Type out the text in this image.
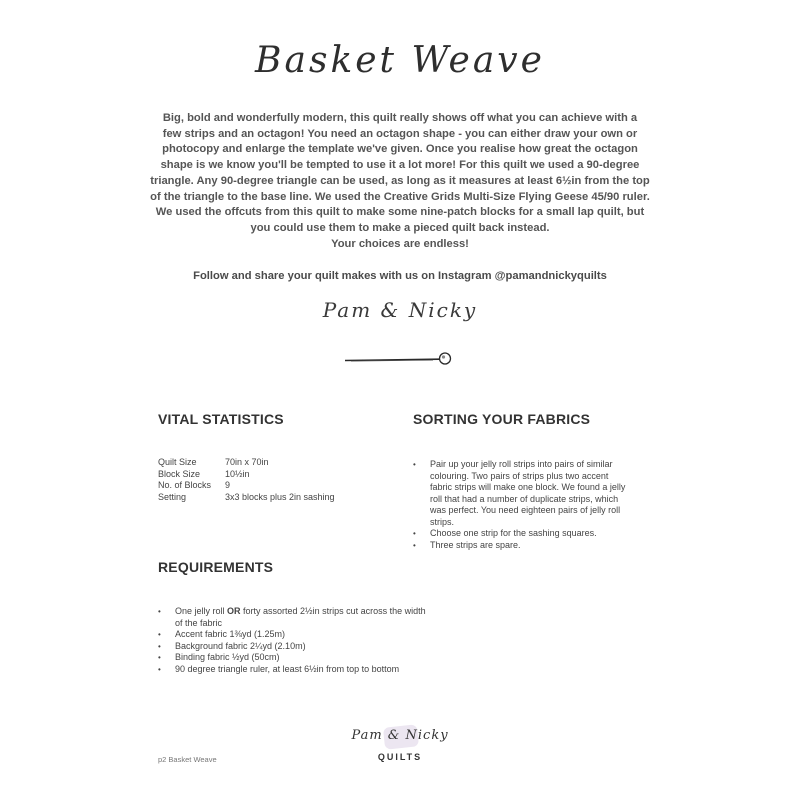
Basket Weave

Big, bold and wonderfully modern, this quilt really shows off what you can achieve with a

few strips and an octagon! You need an octagon shape - you can either draw your own or

photocopy and enlarge the template we've given. Once you realise how great the octagon

shape is we know you'll be tempted to use it a lot more! For this quilt we used a 90-degree

triangle. Any 90-degree triangle can be used, as long as it measures at least 6½in from the top

of the triangle to the base line. We used the Creative Grids Multi-Size Flying Geese 45/90 ruler.

We used the offcuts from this quilt to make some nine-patch blocks for a small lap quilt, but

you could use them to make a pieced quilt back instead.

Your choices are endless!

Follow and share your quilt makes with us on Instagram @pamandnickyquilts
Pam & Nicky
VITAL STATISTICS
Quilt Size	70in x 70in
Block Size	10½in
No. of Blocks	9
Setting	3x3 blocks plus 2in sashing
SORTING YOUR FABRICS
• Pair up your jelly roll strips into pairs of similar
colouring. Two pairs of strips plus two accent
fabric strips will make one block. We found a jelly
roll that had a number of duplicate strips, which
was perfect. You need eighteen pairs of jelly roll
strips.
• Choose one strip for the sashing squares.
• Three strips are spare.
REQUIREMENTS
• One jelly roll OR forty assorted 2½in strips cut across the width
of the fabric
• Accent fabric 1⅜yd (1.25m)
• Background fabric 2¼yd (2.10m)
• Binding fabric ½yd (50cm)
• 90 degree triangle ruler, at least 6½in from top to bottom
Pam & Nicky
QUILTS
p2 Basket Weave
